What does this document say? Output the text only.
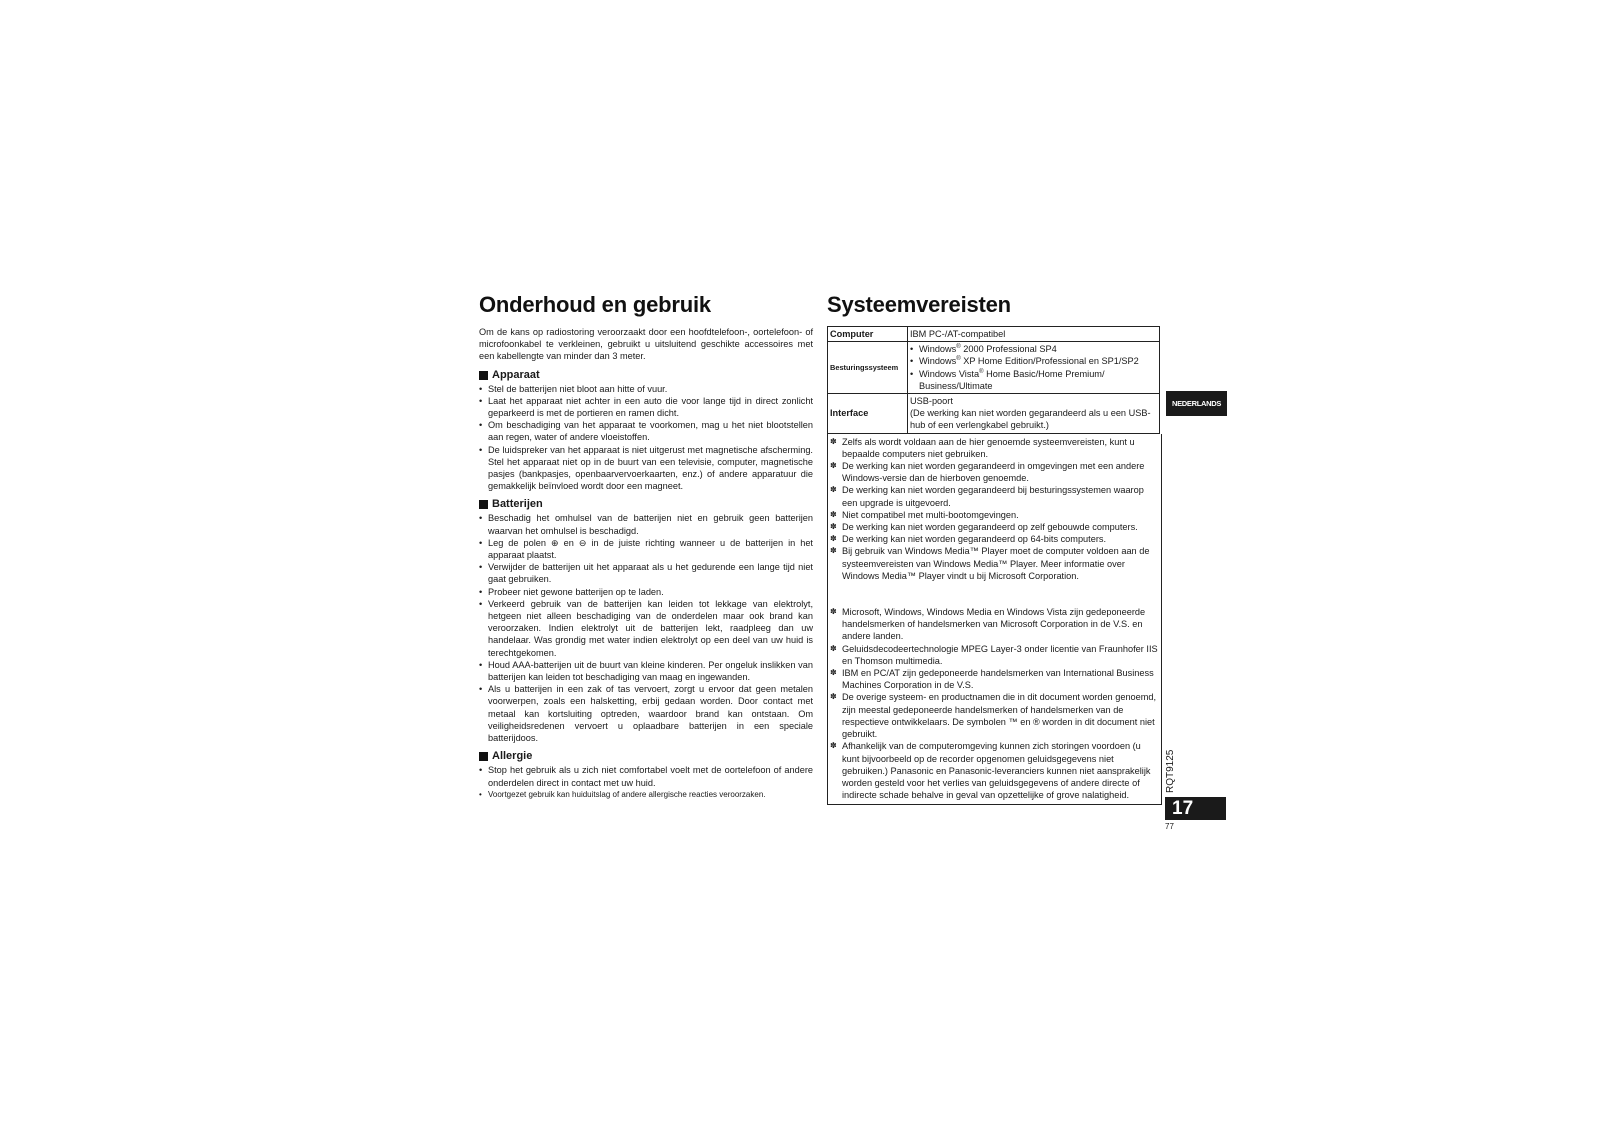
Onderhoud en gebruik

Om de kans op radiostoring veroorzaakt door een hoofdtelefoon-, oortelefoon- of microfoonkabel te verkleinen, gebruikt u uitsluitend geschikte accessoires met een kabellengte van minder dan 3 meter.

Apparaat
• Stel de batterijen niet bloot aan hitte of vuur.
• Laat het apparaat niet achter in een auto die voor lange tijd in direct zonlicht geparkeerd is met de portieren en ramen dicht.
• Om beschadiging van het apparaat te voorkomen, mag u het niet blootstellen aan regen, water of andere vloeistoffen.
• De luidspreker van het apparaat is niet uitgerust met magnetische afscherming. Stel het apparaat niet op in de buurt van een televisie, computer, magnetische pasjes (bankpasjes, openbaarvervoerkaarten, enz.) of andere apparatuur die gemakkelijk beïnvloed wordt door een magneet.
Batterijen
• Beschadig het omhulsel van de batterijen niet en gebruik geen batterijen waarvan het omhulsel is beschadigd.
• Leg de polen ⊕ en ⊖ in de juiste richting wanneer u de batterijen in het apparaat plaatst.
• Verwijder de batterijen uit het apparaat als u het gedurende een lange tijd niet gaat gebruiken.
• Probeer niet gewone batterijen op te laden.
• Verkeerd gebruik van de batterijen kan leiden tot lekkage van elektrolyt, hetgeen niet alleen beschadiging van de onderdelen maar ook brand kan veroorzaken. Indien elektrolyt uit de batterijen lekt, raadpleeg dan uw handelaar. Was grondig met water indien elektrolyt op een deel van uw huid is terechtgekomen.
• Houd AAA-batterijen uit de buurt van kleine kinderen. Per ongeluk inslikken van batterijen kan leiden tot beschadiging van maag en ingewanden.
• Als u batterijen in een zak of tas vervoert, zorgt u ervoor dat geen metalen voorwerpen, zoals een halsketting, erbij gedaan worden. Door contact met metaal kan kortsluiting optreden, waardoor brand kan ontstaan. Om veiligheidsredenen vervoert u oplaadbare batterijen in een speciale batterijdoos.
Allergie
• Stop het gebruik als u zich niet comfortabel voelt met de oortelefoon of andere onderdelen direct in contact met uw huid.
• Voortgezet gebruik kan huiduitslag of andere allergische reacties veroorzaken.
Systeemvereisten
Computer	IBM PC-/AT-compatibel
Besturingssysteem	• Windows® 2000 Professional SP4
• Windows® XP Home Edition/Professional en SP1/SP2
• Windows Vista® Home Basic/Home Premium/
Business/Ultimate

Interface	USB-poort
(De werking kan niet worden gegarandeerd als u een USB-hub of een verlengkabel gebruikt.)
✽ Zelfs als wordt voldaan aan de hier genoemde systeemvereisten, kunt u bepaalde computers niet gebruiken.
✽ De werking kan niet worden gegarandeerd in omgevingen met een andere Windows-versie dan de hierboven genoemde.
✽ De werking kan niet worden gegarandeerd bij besturingssystemen waarop een upgrade is uitgevoerd.
✽ Niet compatibel met multi-bootomgevingen.
✽ De werking kan niet worden gegarandeerd op zelf gebouwde computers.
✽ De werking kan niet worden gegarandeerd op 64-bits computers.
✽ Bij gebruik van Windows Media™ Player moet de computer voldoen aan de systeemvereisten van Windows Media™ Player. Meer informatie over Windows Media™ Player vindt u bij Microsoft Corporation.
✽ Microsoft, Windows, Windows Media en Windows Vista zijn gedeponeerde handelsmerken of handelsmerken van Microsoft Corporation in de V.S. en andere landen.
✽ Geluidsdecodeertechnologie MPEG Layer-3 onder licentie van Fraunhofer IIS en Thomson multimedia.
✽ IBM en PC/AT zijn gedeponeerde handelsmerken van International Business Machines Corporation in de V.S.
✽ De overige systeem- en productnamen die in dit document worden genoemd, zijn meestal gedeponeerde handelsmerken of handelsmerken van de respectieve ontwikkelaars. De symbolen ™ en ® worden in dit document niet gebruikt.
✽ Afhankelijk van de computeromgeving kunnen zich storingen voordoen (u kunt bijvoorbeeld op de recorder opgenomen geluidsgegevens niet gebruiken.) Panasonic en Panasonic-leveranciers kunnen niet aansprakelijk worden gesteld voor het verlies van geluidsgegevens of andere directe of indirecte schade behalve in geval van opzettelijke of grove nalatigheid.
NEDERLANDS
RQT9125
17
77
